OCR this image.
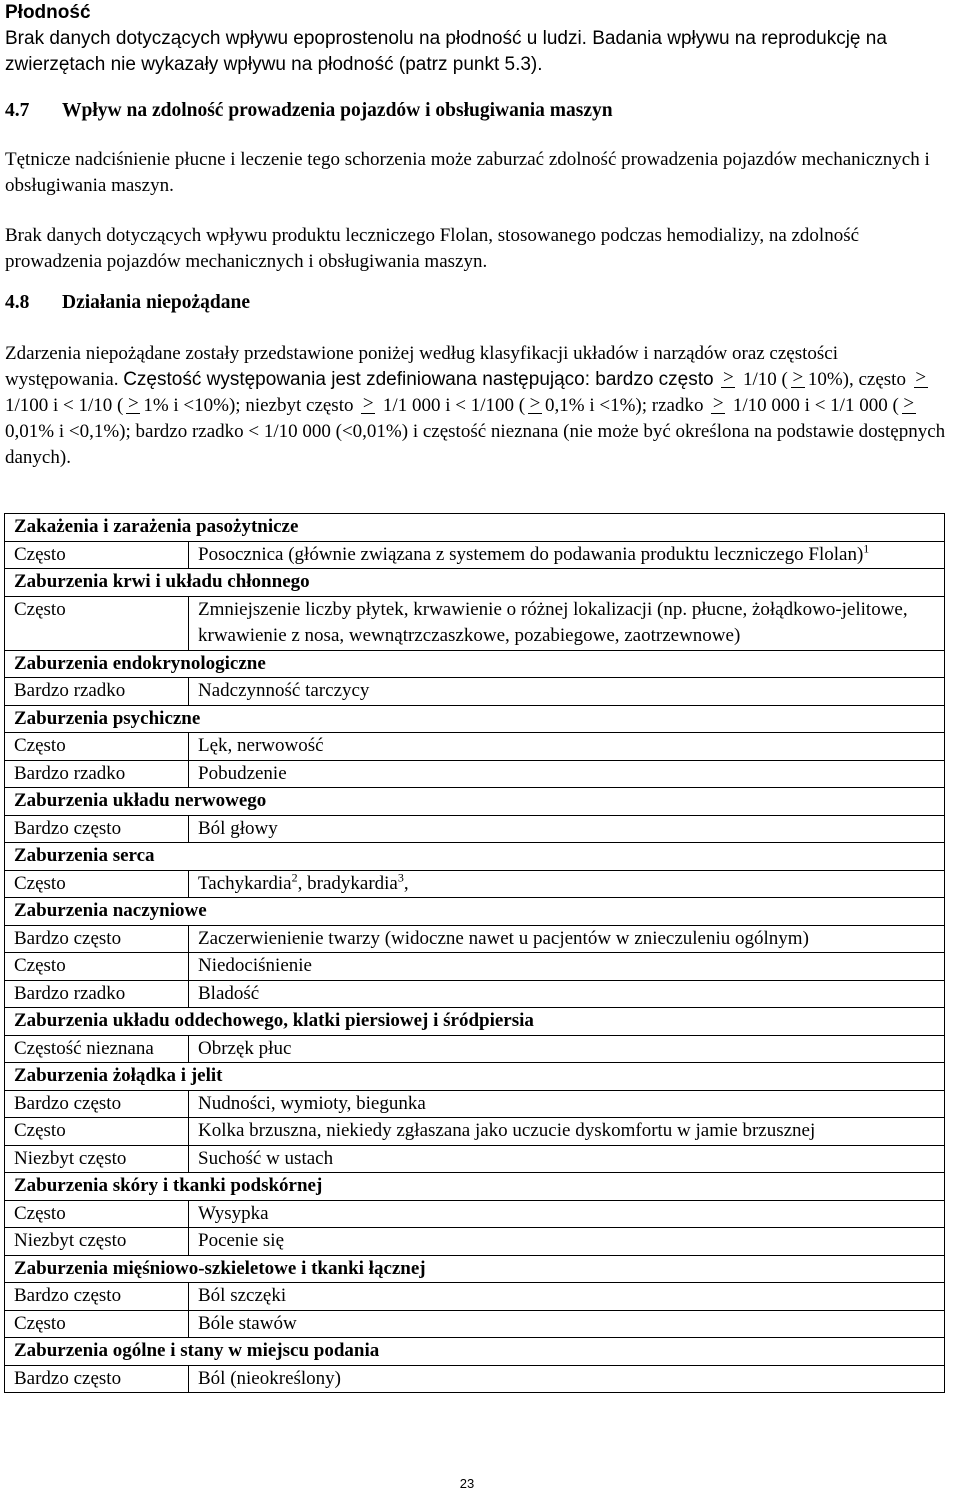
Płodność

Brak danych dotyczących wpływu epoprostenolu na płodność u ludzi. Badania wpływu na reprodukcję na zwierzętach nie wykazały wpływu na płodność (patrz punkt 5.3).

4.7 Wpływ na zdolność prowadzenia pojazdów i obsługiwania maszyn

Tętnicze nadciśnienie płucne i leczenie tego schorzenia może zaburzać zdolność prowadzenia pojazdów mechanicznych i obsługiwania maszyn.

Brak danych dotyczących wpływu produktu leczniczego Flolan, stosowanego podczas hemodializy, na zdolność prowadzenia pojazdów mechanicznych i obsługiwania maszyn.

4.8 Działania niepożądane

Zdarzenia niepożądane zostały przedstawione poniżej według klasyfikacji układów i narządów oraz częstości występowania. Częstość występowania jest zdefiniowana następująco: bardzo często > 1/10 ( > 10%), często > 1/100 i < 1/10 ( > 1% i <10%); niezbyt często > 1/1 000 i < 1/100 ( > 0,1% i <1%); rzadko > 1/10 000 i < 1/1 000 (>0,01% i <0,1%); bardzo rzadko < 1/10 000 (<0,01%) i częstość nieznana (nie może być określona na podstawie dostępnych danych).

Zakażenia i zarażenia pasożytnicze	
Często	Posocznica (głównie związana z systemem do podawania produktu leczniczego Flolan)$^1$
Zaburzenia krwi i układu chłonnego	
Często	Zmniejszenie liczby płytek, krwawienie o różnej lokalizacji (np. płucne, żołądkowo-jelitowe, krwawienie z nosa, wewnątrzczaszkowe, pozabiegowe, zaotrzewnowe)
Zaburzenia endokrynologiczne	
Bardzo rzadko	Nadczynność tarczycy
Zaburzenia psychiczne	
Często	Lęk, nerwowość
Bardzo rzadko	Pobudzenie
Zaburzenia układu nerwowego	
Bardzo często	Ból głowy
Zaburzenia serca	
Często	Tachykardia$^2$, bradykardia$^3$,
Zaburzenia naczyniowe	
Bardzo często	Zaczerwienienie twarzy (widoczne nawet u pacjentów w znieczuleniu ogólnym)
Często	Niedociśnienie
Bardzo rzadko	Bladość
Zaburzenia układu oddechowego, klatki piersiowej i śródpiersia	
Częstość nieznana	Obrzęk płuc
Zaburzenia żołądka i jelit	
Bardzo często	Nudności, wymioty, biegunka
Często	Kolka brzuszna, niekiedy zgłaszana jako uczucie dyskomfortu w jamie brzusznej
Niezbyt często	Suchość w ustach
Zaburzenia skóry i tkanki podskórnej	
Często	Wysypka
Niezbyt często	Pocenie się
Zaburzenia mięśniowo-szkieletowe i tkanki łącznej	
Bardzo często	Ból szczęki
Często	Bóle stawów
Zaburzenia ogólne i stany w miejscu podania	
Bardzo często	Ból (nieokreślony)
23
